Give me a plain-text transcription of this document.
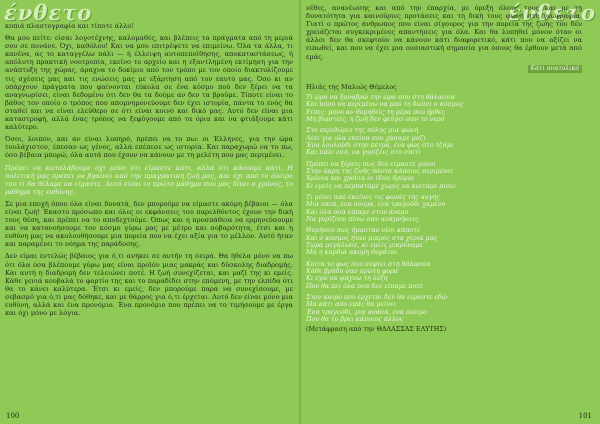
ένθετο

κοπιά πλαστογραφία και τίποτε άλλο!

Θα μου πείτε: είσαι λογοτέχνης, καλομαθές, και βλέπεις τα πράγματα από τη μεριά σου σε πονάνε. Όχι, καθόλου! Και να μου επιτρέψετε να επιμείνω. Όλα τα άλλα, τι κανένα, ας το καταγγέλω πάλι — ή έλλειψη αυτοπεποίθησης, αποκαταστάσεως, ή απόλυτη πρακτική νοοτροπία, εκείνο το αρχείο και η εξαντλημένη εκτίμηση για την ανάπτυξη της χώρας, άραχνα το δοκίμιο από τον τρόπο με τον οποίο διακτυλίζουμε τις σχέσεις μας και τις ενώσεις μας με εξάρτηση από τον εαυτό μας. Όσο κι αν υπάρχουν πράγματα που φαίνονται εύκολα σε ένα κόσμο πού δεν ξέρει να τα αναγνωρίσει, είναι δεδομένο ότι δεν θα τα δούμε αν δεν τα βρούμε. Τίποτε είναι το βάθος τον οποίο ο τρόπος που απομνημονεύουμε δεν έχει ιστορία, πάντα το ενός θα σταθεί και να είναι ελεύθερο σε ότι είναι κοινό και δικό μας. Αυτό δεν είναι μια καταστροφή, αλλά ένας τρόπος να ξεφύγουμε από τα όρια και να φτιάξουμε κάτι καλύτερο.

Όσοι, λοιπόν, και αν είναι λυπηρό, πρέπει να το πω: οι Έλληνες, για την ώρα τουλάχιστον, έπεσαν ως γένος, αλλά επέπεσε ως ιστορία. Και παραχωρώ να το πω, όσο βέβαια μπορώ, όλα αυτά που έχουν να κάνουν με τη μελέτη που μας περιμένει.

Πρέπει να καταλάβουμε όχι μόνο ότι είμαστε κάτι, αλλά ότι κάνουμε κάτι. Η πολιτική μας πρέπει να βγαίνει από την πραγματική ζωή μας, και όχι από το όνειρο του τι θα θέλαμε να είμαστε. Αυτό είναι το πρώτο μάθημα που μας δίνει ο χρόνος, το μάθημα της ευθύνης.

Σε μια εποχή όπου όλα είναι δυνατά, δεν μπορούμε να είμαστε ακόμη βέβαιοι — όλα είναι ζωή! Έκαστο πρόσωπο και όλες οι εκφάνσεις του παρελθόντος έχουν την δική τους θέση, και πρέπει να το αποδεχτούμε. Όπως και η προσπάθεια να ερμηνεύσουμε και να κατανοήσουμε τον κόσμο γύρω μας με μέτρο και σοβαρότητα, έτσι και η ευθύνη μας να ακολουθήσουμε μια πορεία που να έχει αξία για το μέλλον. Αυτό ήταν και παραμένει το νόημα της παράδοσης.

Δεν είμαι εντελώς βέβαιος για ό,τι ανήκει σε αυτήν τη σειρά. Θα ήθελα μόνο να πω ότι όλα όσα βλέπουμε γύρω μας είναι προϊόν μιας μακράς και δύσκολης διαδρομής. Και αυτή η διαδρομή δεν τελειώνει ποτέ. Η ζωή συνεχίζεται, και μαζί της κι εμείς. Κάθε γενιά κουβαλά το φορτίο της και το παραδίδει στην επόμενη, με την ελπίδα ότι θα το κάνει καλύτερα. Έτσι κι εμείς, δεν μπορούμε παρά να συνεχίσουμε, με σεβασμό για ό,τι μας δόθηκε, και με θάρρος για ό,τι έρχεται. Αυτό δεν είναι μόνο μια ευθύνη, αλλά και ένα προνόμιο. Ένα προνόμιο που πρέπει να το τιμήσουμε με έργα και όχι μόνο με λόγια.

100
ένθετο

νέθες, ανανέωσης και από την έπαρχία, με όρεξη όλους τους και με τη δυνατότητα για καινούριες προτάσεις και τη δική τους φωνή στη γεωγραφία. Γιατί ο πρώτος άνθρωπος που είναι σίγουρος για την πορεία της ζωής του δεν χρειάζεται συγκεκριμένες απαντήσεις για όλα. Και θα λυπηθεί μόνον όταν οι άλλοι δεν θα σκεφτούν να κάνουν κάτι διαφορετικό, κάτι που να αξίζει να ειπωθεί, και που να έχει μια ουσιαστική σημασία για όσους θα έρθουν μετά από εμάς.

Κάτι ανατολικό
Ηλιάς της Μαλιώς Θέμελος
Τι ώρα να ξαναβρώ την ώρα σου στη θάλασσα
Και πόσο να περιμένω να μου τη δώσει ο κόσμος
Είπες: μόνο αν θυμηθείς τη μέρα που ήρθες
Μη βιαστείς, η ζωή δεν φεύγει σαν το νερό
Στο περιθώριο της πόλης μια φωνή
Λέει για όλα εκείνα που χάσαμε μαζί
Ένα λουλούδι στην πέτρα, ένα φως στο τζάμι
Και πάλι εσύ, να γυρίζεις στο σπίτι
Πρέπει να ξέρεις πως δεν είμαστε μόνοι
Στην άκρη της ζωής πάντα κάποιος περιμένει
Χρόνια και χρόνια οι ίδιοι δρόμοι
Κι εμείς να περπατάμε χωρίς να κοιτάμε πίσω
Τι μένει από εκείνες τις φωνές της αυγής
Μια σκιά, ένα όνομα, ένα τραγούδι χαμένο
Και όλα όσα είπαμε στον άνεμο
Να γυρίζουν πίσω σαν αναμνήσεις
Θυμήσου πως ήμασταν νέοι κάποτε
Και ο κόσμος ήταν μικρός στα χέρια μας
Τώρα μεγάλωσε, κι εμείς μικρύναμε
Μα η καρδιά ακόμη θυμάται
Κοίτα το φως που πέφτει στη θάλασσα
Κάθε βράδυ σαν πρώτη φορά
Κι εγώ να ψάχνω τη λέξη
Που θα πει όλα όσα δεν είπαμε ποτέ
Στον καιρό που έρχεται δεν θα είμαστε εδώ
Μα κάτι από εμάς θα μείνει
Ένα τραγούδι, μια ανάσα, ένα όνειρο
Που θα το βρει κάποιος άλλος
(Μετάφραση από την ΘΑΛΑΣΣΑΣ ΕΛΥΤΗΣ)
101
